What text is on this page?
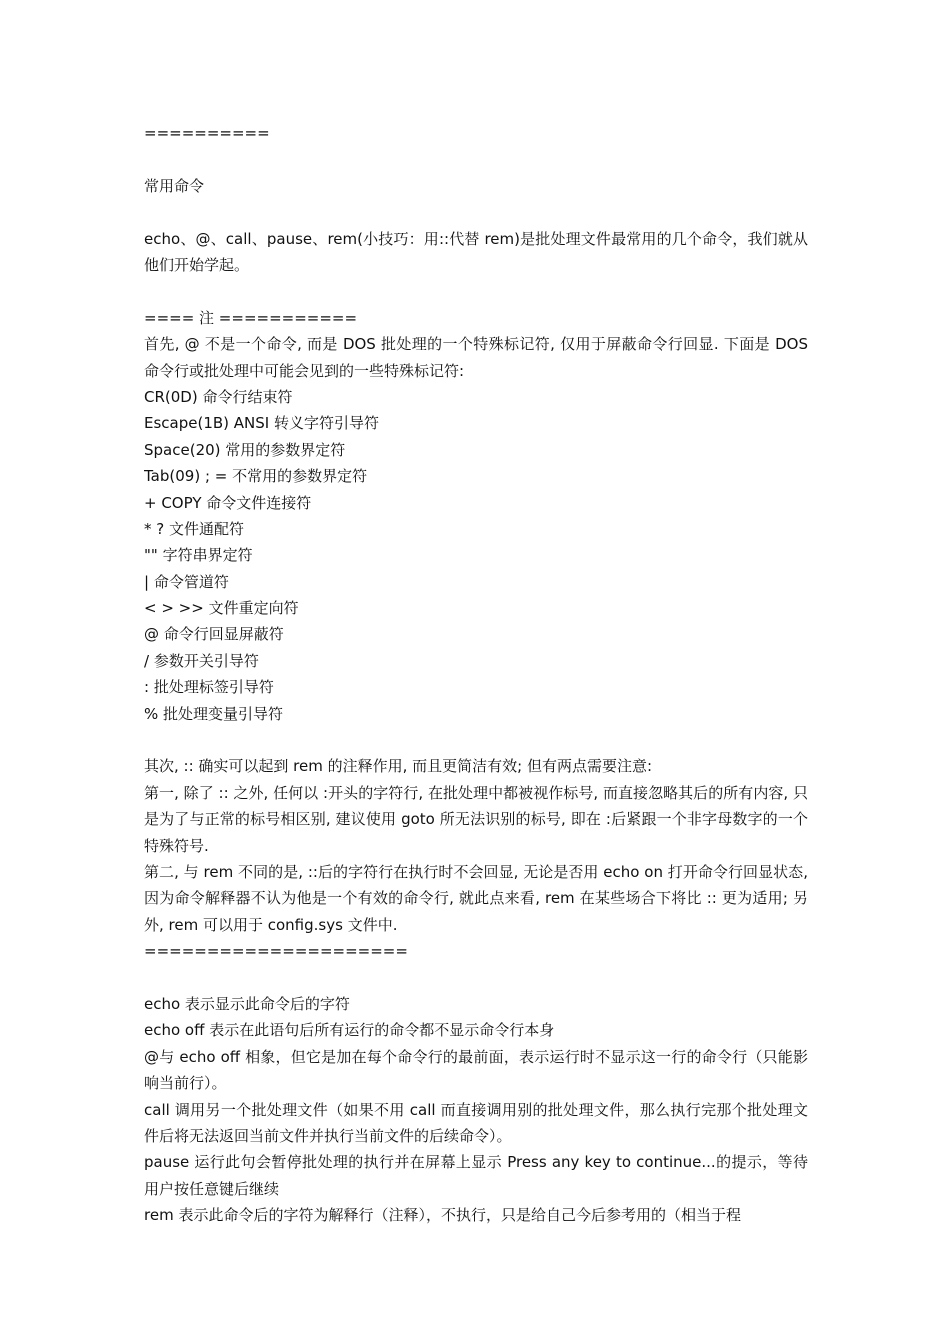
==========
常用命令
echo、@、call、pause、rem(小技巧：用::代替 rem)是批处理文件最常用的几个命令，我们就从他们开始学起。
==== 注 ===========
首先, @ 不是一个命令, 而是 DOS 批处理的一个特殊标记符, 仅用于屏蔽命令行回显. 下面是 DOS 命令行或批处理中可能会见到的一些特殊标记符:
CR(0D) 命令行结束符
Escape(1B) ANSI 转义字符引导符
Space(20) 常用的参数界定符
Tab(09) ; = 不常用的参数界定符
+ COPY 命令文件连接符
* ? 文件通配符
"" 字符串界定符
| 命令管道符
< > >> 文件重定向符
@ 命令行回显屏蔽符
/ 参数开关引导符
: 批处理标签引导符
% 批处理变量引导符
其次, :: 确实可以起到 rem 的注释作用, 而且更简洁有效; 但有两点需要注意:
第一, 除了 :: 之外, 任何以 :开头的字符行, 在批处理中都被视作标号, 而直接忽略其后的所有内容, 只是为了与正常的标号相区别, 建议使用 goto 所无法识别的标号, 即在 :后紧跟一个非字母数字的一个特殊符号.
第二, 与 rem 不同的是, ::后的字符行在执行时不会回显, 无论是否用 echo on 打开命令行回显状态, 因为命令解释器不认为他是一个有效的命令行, 就此点来看, rem 在某些场合下将比 :: 更为适用; 另外, rem 可以用于 config.sys 文件中.
=====================
echo 表示显示此命令后的字符
echo off 表示在此语句后所有运行的命令都不显示命令行本身
@与 echo off 相象，但它是加在每个命令行的最前面，表示运行时不显示这一行的命令行（只能影响当前行）。
call 调用另一个批处理文件（如果不用 call 而直接调用别的批处理文件，那么执行完那个批处理文件后将无法返回当前文件并执行当前文件的后续命令）。
pause 运行此句会暂停批处理的执行并在屏幕上显示 Press any key to continue...的提示，等待用户按任意键后继续
rem 表示此命令后的字符为解释行（注释），不执行，只是给自己今后参考用的（相当于程
